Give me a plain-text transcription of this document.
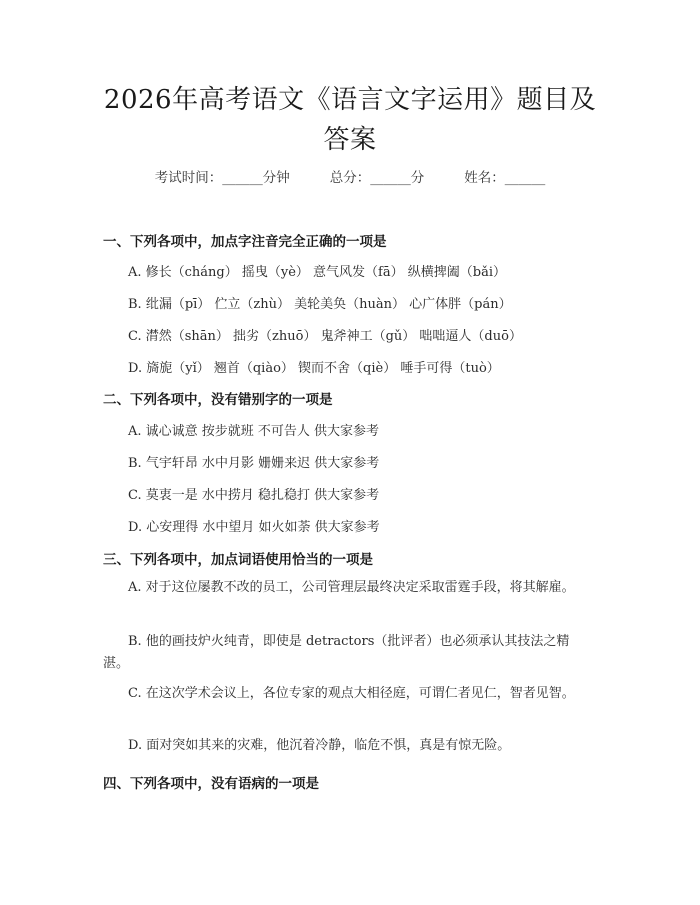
2026年高考语文《语言文字运用》题目及答案
考试时间：______分钟	总分：______分	姓名：______
一、下列各项中，加点字注音完全正确的一项是
A. 修长（cháng） 摇曳（yè） 意气风发（fā） 纵横捭阖（bǎi）
B. 纰漏（pī） 伫立（zhù） 美轮美奂（huàn） 心广体胖（pán）
C. 潸然（shān） 拙劣（zhuō） 鬼斧神工（gǔ） 咄咄逼人（duō）
D. 旖旎（yǐ） 翘首（qiào） 锲而不舍（qiè） 唾手可得（tuò）
二、下列各项中，没有错别字的一项是
A. 诚心诚意 按步就班 不可告人 供大家参考
B. 气宇轩昂 水中月影 姗姗来迟 供大家参考
C. 莫衷一是 水中捞月 稳扎稳打 供大家参考
D. 心安理得 水中望月 如火如荼 供大家参考
三、下列各项中，加点词语使用恰当的一项是
A. 对于这位屡教不改的员工，公司管理层最终决定采取雷霆手段，将其解雇。
B. 他的画技炉火纯青，即使是 detractors（批评者）也必须承认其技法之精湛。
C. 在这次学术会议上，各位专家的观点大相径庭，可谓仁者见仁，智者见智。
D. 面对突如其来的灾难，他沉着冷静，临危不惧，真是有惊无险。
四、下列各项中，没有语病的一项是
